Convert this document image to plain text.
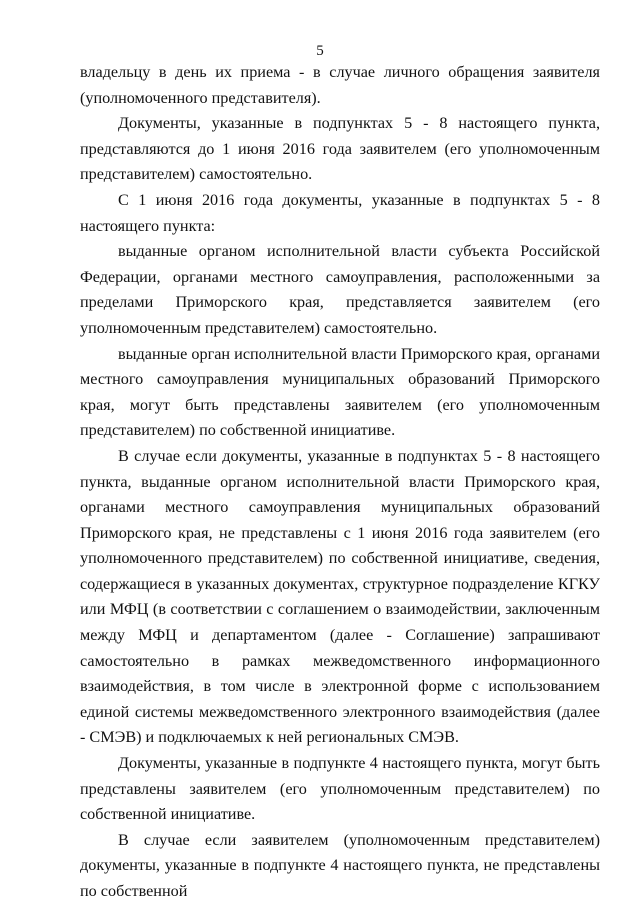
5

владельцу в день их приема - в случае личного обращения заявителя (уполномоченного представителя).

Документы, указанные в подпунктах 5 - 8 настоящего пункта, представляются до 1 июня 2016 года заявителем (его уполномоченным представителем) самостоятельно.

С 1 июня 2016 года документы, указанные в подпунктах 5 - 8 настоящего пункта:

выданные органом исполнительной власти субъекта Российской Федерации, органами местного самоуправления, расположенными за пределами Приморского края, представляется заявителем (его уполномоченным представителем) самостоятельно.

выданные орган исполнительной власти Приморского края, органами местного самоуправления муниципальных образований Приморского края, могут быть представлены заявителем (его уполномоченным представителем) по собственной инициативе.

В случае если документы, указанные в подпунктах 5 - 8 настоящего пункта, выданные органом исполнительной власти Приморского края, органами местного самоуправления муниципальных образований Приморского края, не представлены с 1 июня 2016 года заявителем (его уполномоченного представителем) по собственной инициативе, сведения, содержащиеся в указанных документах, структурное подразделение КГКУ или МФЦ (в соответствии с соглашением о взаимодействии, заключенным между МФЦ и департаментом (далее - Соглашение) запрашивают самостоятельно в рамках межведомственного информационного взаимодействия, в том числе в электронной форме с использованием единой системы межведомственного электронного взаимодействия (далее - СМЭВ) и подключаемых к ней региональных СМЭВ.

Документы, указанные в подпункте 4 настоящего пункта, могут быть представлены заявителем (его уполномоченным представителем) по собственной инициативе.

В случае если заявителем (уполномоченным представителем) документы, указанные в подпункте 4 настоящего пункта, не представлены по собственной
